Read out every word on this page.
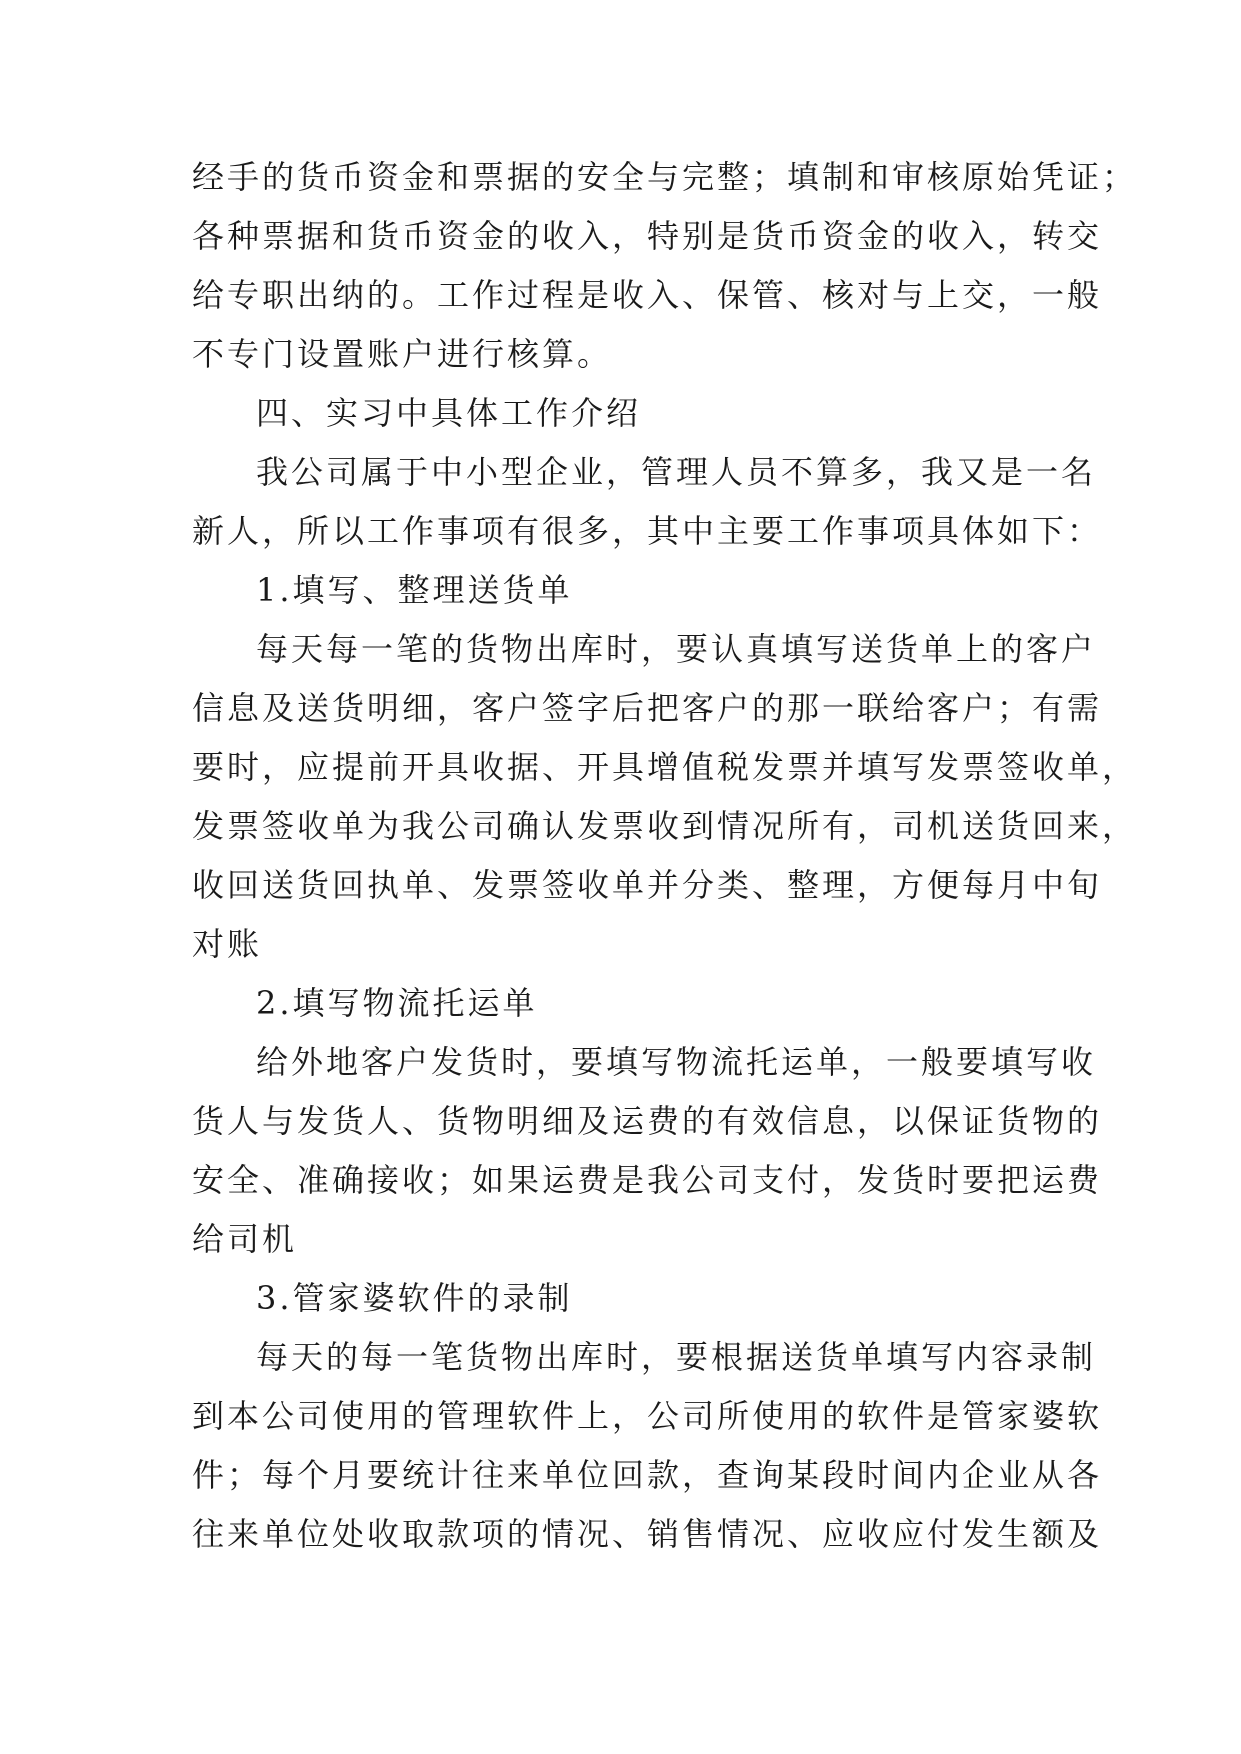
经手的货币资金和票据的安全与完整；填制和审核原始凭证；
各种票据和货币资金的收入，特别是货币资金的收入，转交
给专职出纳的。工作过程是收入、保管、核对与上交，一般
不专门设置账户进行核算。
四、实习中具体工作介绍
我公司属于中小型企业，管理人员不算多，我又是一名
新人，所以工作事项有很多，其中主要工作事项具体如下：
1.填写、整理送货单
每天每一笔的货物出库时，要认真填写送货单上的客户
信息及送货明细，客户签字后把客户的那一联给客户；有需
要时，应提前开具收据、开具增值税发票并填写发票签收单，
发票签收单为我公司确认发票收到情况所有，司机送货回来，
收回送货回执单、发票签收单并分类、整理，方便每月中旬
对账
2.填写物流托运单
给外地客户发货时，要填写物流托运单，一般要填写收
货人与发货人、货物明细及运费的有效信息，以保证货物的
安全、准确接收；如果运费是我公司支付，发货时要把运费
给司机
3.管家婆软件的录制
每天的每一笔货物出库时，要根据送货单填写内容录制
到本公司使用的管理软件上，公司所使用的软件是管家婆软
件；每个月要统计往来单位回款，查询某段时间内企业从各
往来单位处收取款项的情况、销售情况、应收应付发生额及
